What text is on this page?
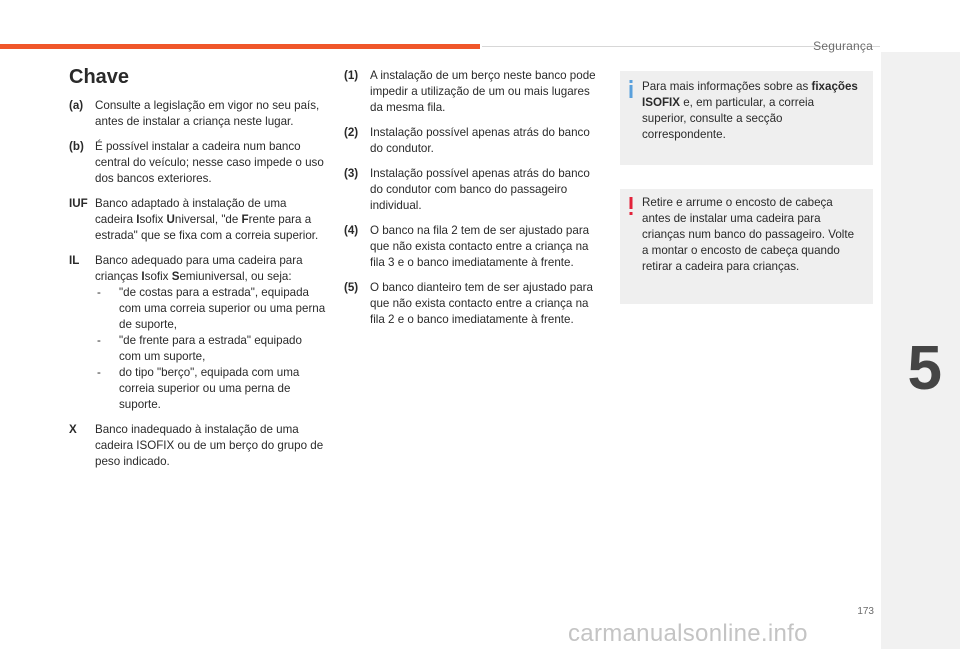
Segurança
5
Chave
(a)	Consulte a legislação em vigor no seu país, antes de instalar a criança neste lugar.
(b) É possível instalar a cadeira num banco central do veículo; nesse caso impede o uso dos bancos exteriores.
IUF Banco adaptado à instalação de uma cadeira Isofix Universal, "de Frente para a estrada" que se fixa com a correia superior.
IL	Banco adequado para uma cadeira para crianças Isofix Semiuniversal, ou seja:
-	"de costas para a estrada", equipada com uma correia superior ou uma perna de suporte,
-	"de frente para a estrada" equipado com um suporte,
-	do tipo "berço", equipada com uma correia superior ou uma perna de suporte.
X	Banco inadequado à instalação de uma cadeira ISOFIX ou de um berço do grupo de peso indicado.
(1)	A instalação de um berço neste banco pode impedir a utilização de um ou mais lugares da mesma fila.
(2)	Instalação possível apenas atrás do banco do condutor.
(3)	Instalação possível apenas atrás do banco do condutor com banco do passageiro individual.
(4)	O banco na fila 2 tem de ser ajustado para que não exista contacto entre a criança na fila 3 e o banco imediatamente à frente.
(5)	O banco dianteiro tem de ser ajustado para que não exista contacto entre a criança na fila 2 e o banco imediatamente à frente.
Para mais informações sobre as fixações ISOFIX e, em particular, a correia superior, consulte a secção correspondente.
Retire e arrume o encosto de cabeça antes de instalar uma cadeira para crianças num banco do passageiro. Volte a montar o encosto de cabeça quando retirar a cadeira para crianças.
173
carmanualsonline.info
